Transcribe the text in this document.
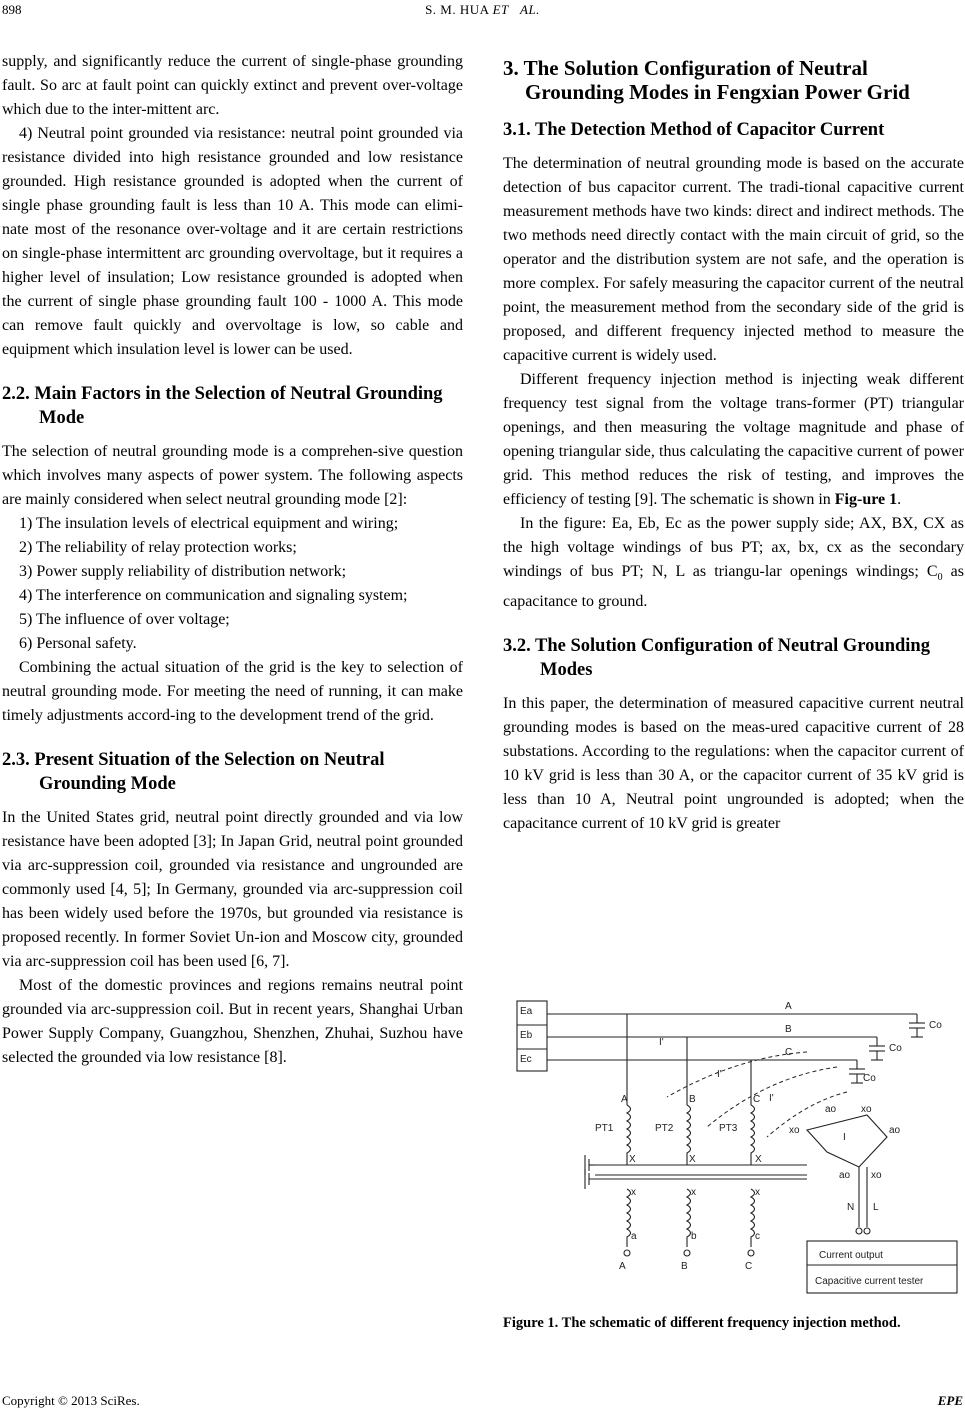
898	S. M. HUA ET AL.

supply, and significantly reduce the current of single-phase grounding fault. So arc at fault point can quickly extinct and prevent over-voltage which due to the inter-mittent arc.

4) Neutral point grounded via resistance: neutral point grounded via resistance divided into high resistance grounded and low resistance grounded. High resistance grounded is adopted when the current of single phase grounding fault is less than 10 A. This mode can elimi-nate most of the resonance over-voltage and it are certain restrictions on single-phase intermittent arc grounding overvoltage, but it requires a higher level of insulation; Low resistance grounded is adopted when the current of single phase grounding fault 100 - 1000 A. This mode can remove fault quickly and overvoltage is low, so cable and equipment which insulation level is lower can be used.

2.2. Main Factors in the Selection of Neutral Grounding Mode

The selection of neutral grounding mode is a comprehen-sive question which involves many aspects of power system. The following aspects are mainly considered when select neutral grounding mode [2]:

1) The insulation levels of electrical equipment and wiring;

2) The reliability of relay protection works;

3) Power supply reliability of distribution network;

4) The interference on communication and signaling system;

5) The influence of over voltage;

6) Personal safety.

Combining the actual situation of the grid is the key to selection of neutral grounding mode. For meeting the need of running, it can make timely adjustments accord-ing to the development trend of the grid.

2.3. Present Situation of the Selection on Neutral Grounding Mode

In the United States grid, neutral point directly grounded and via low resistance have been adopted [3]; In Japan Grid, neutral point grounded via arc-suppression coil, grounded via resistance and ungrounded are commonly used [4, 5]; In Germany, grounded via arc-suppression coil has been widely used before the 1970s, but grounded via resistance is proposed recently. In former Soviet Un-ion and Moscow city, grounded via arc-suppression coil has been used [6, 7].

Most of the domestic provinces and regions remains neutral point grounded via arc-suppression coil. But in recent years, Shanghai Urban Power Supply Company, Guangzhou, Shenzhen, Zhuhai, Suzhou have selected the grounded via low resistance [8].

3. The Solution Configuration of Neutral Grounding Modes in Fengxian Power Grid
3.1. The Detection Method of Capacitor Current

The determination of neutral grounding mode is based on the accurate detection of bus capacitor current. The tradi-tional capacitive current measurement methods have two kinds: direct and indirect methods. The two methods need directly contact with the main circuit of grid, so the operator and the distribution system are not safe, and the operation is more complex. For safely measuring the capacitor current of the neutral point, the measurement method from the secondary side of the grid is proposed, and different frequency injected method to measure the capacitive current is widely used.

Different frequency injection method is injecting weak different frequency test signal from the voltage trans-former (PT) triangular openings, and then measuring the voltage magnitude and phase of opening triangular side, thus calculating the capacitive current of power grid. This method reduces the risk of testing, and improves the efficiency of testing [9]. The schematic is shown in Fig-ure 1.

In the figure: Ea, Eb, Ec as the power supply side; AX, BX, CX as the high voltage windings of bus PT; ax, bx, cx as the secondary windings of bus PT; N, L as triangu-lar openings windings; $C_0$ as capacitance to ground.

3.2. The Solution Configuration of Neutral Grounding Modes

In this paper, the determination of measured capacitive current neutral grounding modes is based on the meas-ured capacitive current of 28 substations. According to the regulations: when the capacitor current of 10 kV grid is less than 30 A, or the capacitor current of 35 kV grid is less than 10 A, Neutral point ungrounded is adopted; when the capacitance current of 10 kV grid is greater

Ea
Eb
Ec
A
B
C
Co
Co
Co
I'
I'
I'
A	B	C
PT1	PT2	PT3
X	X	X
x	x	x
a	b	c
A	B	C
ao xo
xo	ao
ao xo
I
N L
Current output
Capacitive current tester
Figure 1. The schematic of different frequency injection method.
Copyright © 2013 SciRes.	EPE
